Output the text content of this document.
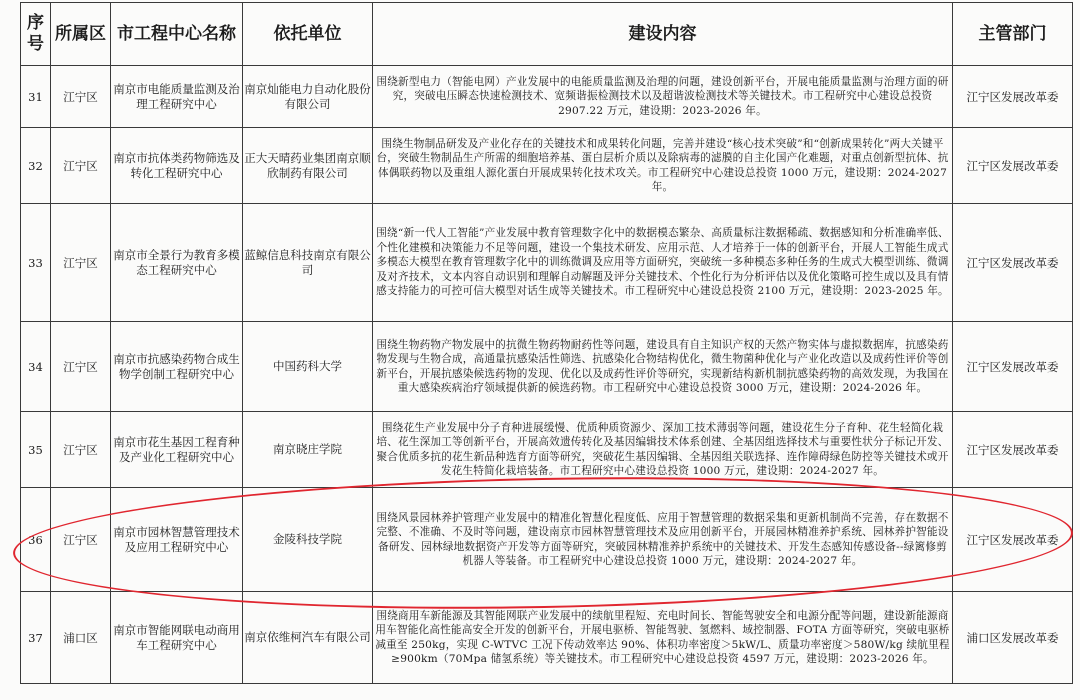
序号	所属区	市工程中心名称	依托单位	建设内容	主管部门

31	江宁区	南京市电能质量监测及治理工程研究中心	南京灿能电力自动化股份有限公司	围绕新型电力（智能电网）产业发展中的电能质量监测及治理的问题，建设创新平台，开展电能质量监测与治理方面的研究，突破电压瞬态快速检测技术、宽频谐振检测技术以及超谐波检测技术等关键技术。市工程研究中心建设总投资 2907.22 万元，建设期：2023-2026 年。	江宁区发展改革委
32	江宁区	南京市抗体类药物筛选及转化工程研究中心	正大天晴药业集团南京顺欣制药有限公司	围绕生物制品研发及产业化存在的关键技术和成果转化问题，完善并建设“核心技术突破”和“创新成果转化”两大关键平台，突破生物制品生产所需的细胞培养基、蛋白层析介质以及除病毒的滤膜的自主化国产化难题，对重点创新型抗体、抗体偶联药物以及重组人源化蛋白开展成果转化技术攻关。市工程研究中心建设总投资 1000 万元，建设期：2024-2027 年。	江宁区发展改革委
33	江宁区	南京市全景行为教育多模态工程研究中心	蓝鲸信息科技南京有限公司	围绕“新一代人工智能”产业发展中教育管理数字化中的数据模态繁杂、高质量标注数据稀疏、数据感知和分析准确率低、个性化建模和决策能力不足等问题，建设一个集技术研发、应用示范、人才培养于一体的创新平台，开展人工智能生成式多模态大模型在教育管理数字化中的训练微调及应用等方面研究，突破统一多种模态多种任务的生成式大模型训练、微调及对齐技术，文本内容自动识别和理解自动解题及评分关键技术、个性化行为分析评估以及优化策略可控生成以及具有情感支持能力的可控可信大模型对话生成等关键技术。市工程研究中心建设总投资 2100 万元，建设期：2023-2025 年。	江宁区发展改革委
34	江宁区	南京市抗感染药物合成生物学创制工程研究中心	中国药科大学	围绕生物药物产物发展中的抗微生物药物耐药性等问题，建设具有自主知识产权的天然产物实体与虚拟数据库，抗感染药物发现与生物合成，高通量抗感染活性筛选、抗感染化合物结构优化，微生物菌种优化与产业化改造以及成药性评价等创新平台，开展抗感染候选药物的发现、优化以及成药性评价等研究，实现新结构新机制抗感染药物的高效发现，为我国在重大感染疾病治疗领域提供新的候选药物。市工程研究中心建设总投资 3000 万元，建设期：2024-2026 年。	江宁区发展改革委
35	江宁区	南京市花生基因工程育种及产业化工程研究中心	南京晓庄学院	围绕花生产业发展中分子育种进展缓慢、优质种质资源少、深加工技术薄弱等问题，建设花生分子育种、花生轻简化栽培、花生深加工等创新平台，开展高效遗传转化及基因编辑技术体系创建、全基因组选择技术与重要性状分子标记开发、聚合优质多抗的花生新品种选育方面等研究，突破花生基因编辑、全基因组关联选择、连作障碍绿色防控等关键技术或开发花生特简化栽培装备。市工程研究中心建设总投资 1000 万元，建设期：2024-2027 年。	江宁区发展改革委
36	江宁区	南京市园林智慧管理技术及应用工程研究中心	金陵科技学院	围绕风景园林养护管理产业发展中的精准化智慧化程度低、应用于智慧管理的数据采集和更新机制尚不完善，存在数据不完整、不准确、不及时等问题，建设南京市园林智慧管理技术及应用创新平台，开展园林精准养护系统、园林养护智能设备研发、园林绿地数据资产开发等方面等研究，突破园林精准养护系统中的关键技术、开发生态感知传感设备--绿篱修剪机器人等装备。市工程研究中心建设总投资 1000 万元，建设期：2024-2027 年。	江宁区发展改革委
37	浦口区	南京市智能网联电动商用车工程研究中心	南京依维柯汽车有限公司	围绕商用车新能源及其智能网联产业发展中的续航里程短、充电时间长、智能驾驶安全和电源分配等问题，建设新能源商用车智能化高性能高安全开发的创新平台，开展电驱桥、智能驾驶、氢燃料、域控制器、FOTA 方面等研究，突破电驱桥减重至 250kg，实现 C-WTVC 工况下传动效率达 90%、体积功率密度＞5kW/L、质量功率密度＞580W/kg 续航里程≥900km（70Mpa 储氢系统）等关键技术。市工程研究中心建设总投资 4597 万元，建设期：2023-2026 年。	浦口区发展改革委
